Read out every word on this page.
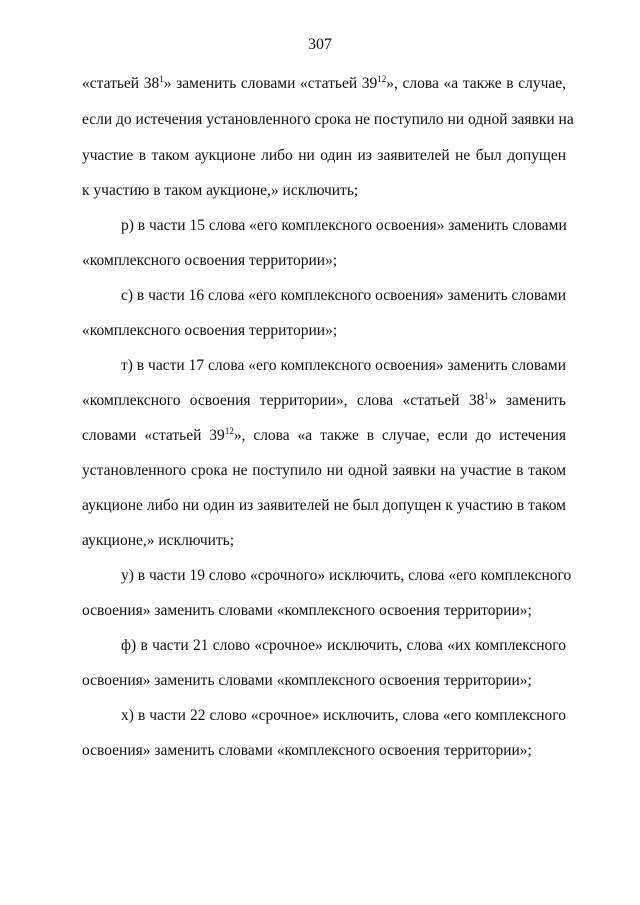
307
«статьей $38^1$» заменить словами «статьей $39^{12}$», слова «а также в случае,
если до истечения установленного срока не поступило ни одной заявки на
участие в таком аукционе либо ни один из заявителей не был допущен
к участию в таком аукционе,» исключить;
р) в части 15 слова «его комплексного освоения» заменить словами
«комплексного освоения территории»;
с) в части 16 слова «его комплексного освоения» заменить словами
«комплексного освоения территории»;
т) в части 17 слова «его комплексного освоения» заменить словами
«комплексного освоения территории», слова «статьей $38^1$» заменить
словами «статьей $39^{12}$», слова «а также в случае, если до истечения
установленного срока не поступило ни одной заявки на участие в таком
аукционе либо ни один из заявителей не был допущен к участию в таком
аукционе,» исключить;
у) в части 19 слово «срочного» исключить, слова «его комплексного
освоения» заменить словами «комплексного освоения территории»;
ф) в части 21 слово «срочное» исключить, слова «их комплексного
освоения» заменить словами «комплексного освоения территории»;
х) в части 22 слово «срочное» исключить, слова «его комплексного
освоения» заменить словами «комплексного освоения территории»;
